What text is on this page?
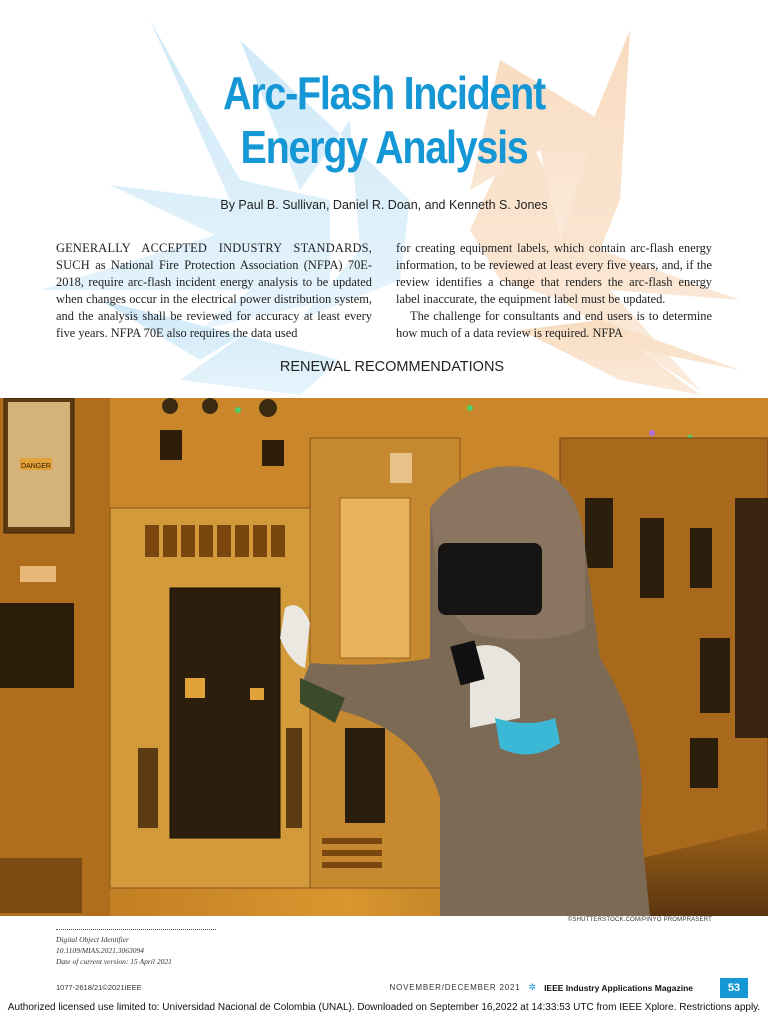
Arc-Flash Incident
Energy Analysis
By Paul B. Sullivan, Daniel R. Doan, and Kenneth S. Jones

GENERALLY ACCEPTED INDUSTRY STANDARDS, SUCH as National Fire Protection Association (NFPA) 70E-2018, require arc-flash incident energy analysis to be updated when changes occur in the electrical power distribution system, and the analysis shall be reviewed for accuracy at least every five years. NFPA 70E also requires the data used

for creating equipment labels, which contain arc-flash energy information, to be reviewed at least every five years, and, if the review identifies a change that renders the arc-flash energy label inaccurate, the equipment label must be updated.

The challenge for consultants and end users is to determine how much of a data review is required. NFPA

RENEWAL RECOMMENDATIONS
DANGER
©SHUTTERSTOCK.COM/PINYO PROMPRASERT
Digital Object Identifier 10.1109/MIAS.2021.3063094
Date of current version: 15 April 2021
1077-2618/21©2021IEEE	NOVEMBER/DECEMBER 2021 ✲ IEEE Industry Applications Magazine	53
Authorized licensed use limited to: Universidad Nacional de Colombia (UNAL). Downloaded on September 16,2022 at 14:33:53 UTC from IEEE Xplore. Restrictions apply.
